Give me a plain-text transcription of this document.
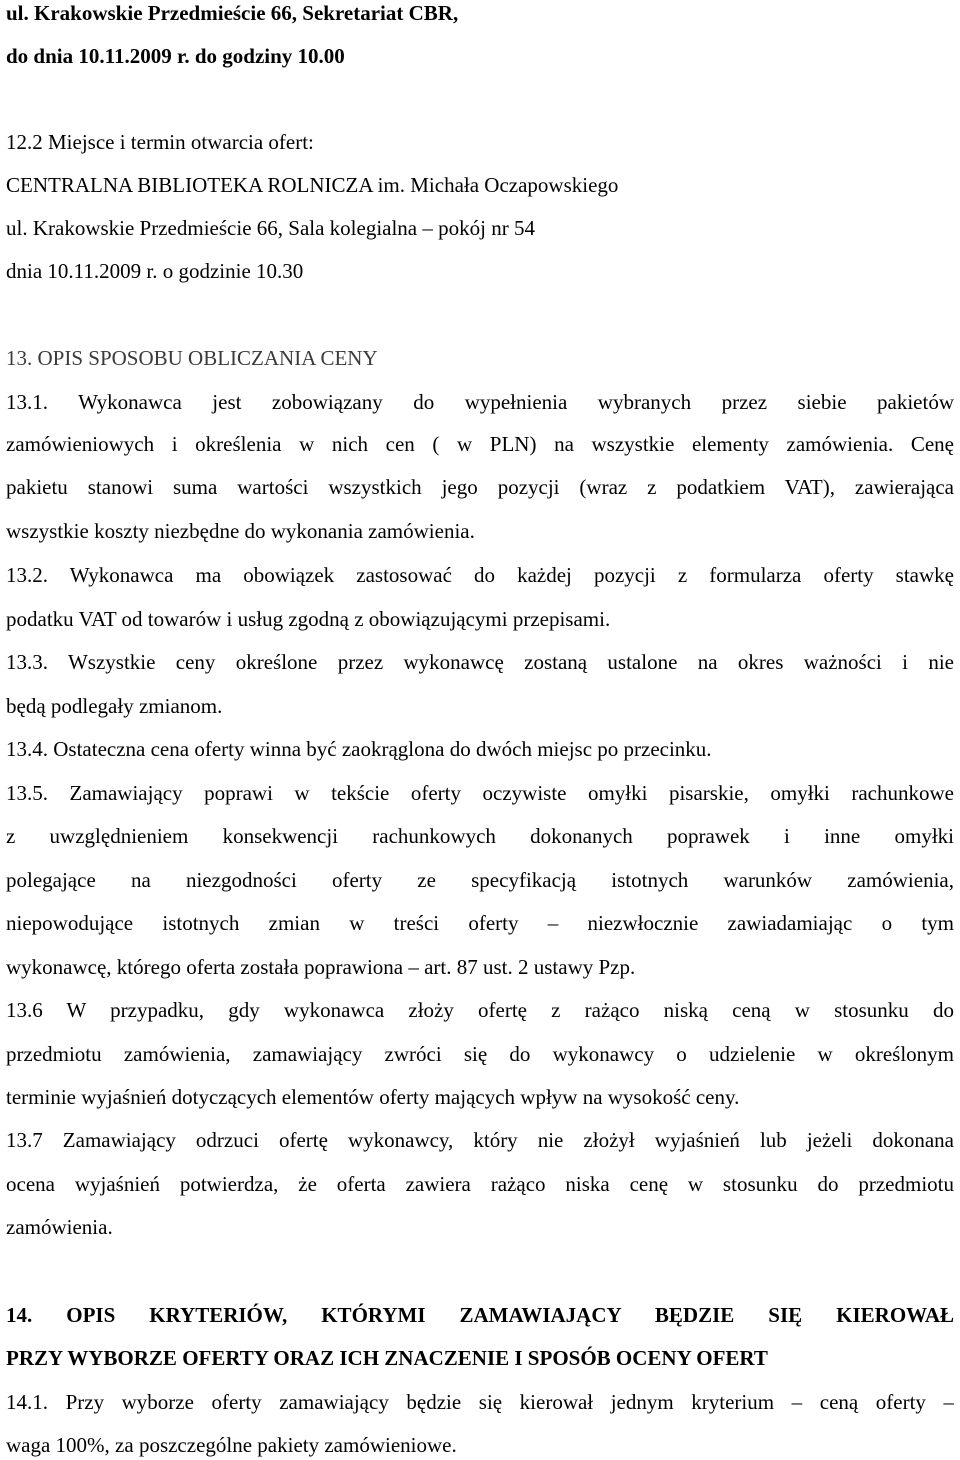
ul. Krakowskie Przedmieście 66, Sekretariat CBR,
do dnia 10.11.2009 r. do godziny 10.00
12.2 Miejsce i termin otwarcia ofert:
CENTRALNA BIBLIOTEKA ROLNICZA im. Michała Oczapowskiego
ul. Krakowskie Przedmieście 66, Sala kolegialna – pokój nr 54
dnia 10.11.2009 r. o godzinie 10.30
13. OPIS SPOSOBU OBLICZANIA CENY
13.1. Wykonawca jest zobowiązany do wypełnienia wybranych przez siebie pakietów
zamówieniowych i określenia w nich cen ( w PLN) na wszystkie elementy zamówienia. Cenę
pakietu stanowi suma wartości wszystkich jego pozycji (wraz z podatkiem VAT), zawierająca
wszystkie koszty niezbędne do wykonania zamówienia.
13.2. Wykonawca ma obowiązek zastosować do każdej pozycji z formularza oferty stawkę
podatku VAT od towarów i usług zgodną z obowiązującymi przepisami.
13.3. Wszystkie ceny określone przez wykonawcę zostaną ustalone na okres ważności i nie
będą podlegały zmianom.
13.4. Ostateczna cena oferty winna być zaokrąglona do dwóch miejsc po przecinku.
13.5. Zamawiający poprawi w tekście oferty oczywiste omyłki pisarskie, omyłki rachunkowe
z uwzględnieniem konsekwencji rachunkowych dokonanych poprawek i inne omyłki
polegające na niezgodności oferty ze specyfikacją istotnych warunków zamówienia,
niepowodujące istotnych zmian w treści oferty – niezwłocznie zawiadamiając o tym
wykonawcę, którego oferta została poprawiona – art. 87 ust. 2 ustawy Pzp.
13.6 W przypadku, gdy wykonawca złoży ofertę z rażąco niską ceną w stosunku do
przedmiotu zamówienia, zamawiający zwróci się do wykonawcy o udzielenie w określonym
terminie wyjaśnień dotyczących elementów oferty mających wpływ na wysokość ceny.
13.7 Zamawiający odrzuci ofertę wykonawcy, który nie złożył wyjaśnień lub jeżeli dokonana
ocena wyjaśnień potwierdza, że oferta zawiera rażąco niska cenę w stosunku do przedmiotu
zamówienia.
14. OPIS KRYTERIÓW, KTÓRYMI ZAMAWIAJĄCY BĘDZIE SIĘ KIEROWAŁ
PRZY WYBORZE OFERTY ORAZ ICH ZNACZENIE I SPOSÓB OCENY OFERT
14.1. Przy wyborze oferty zamawiający będzie się kierował jednym kryterium – ceną oferty –
waga 100%, za poszczególne pakiety zamówieniowe.
